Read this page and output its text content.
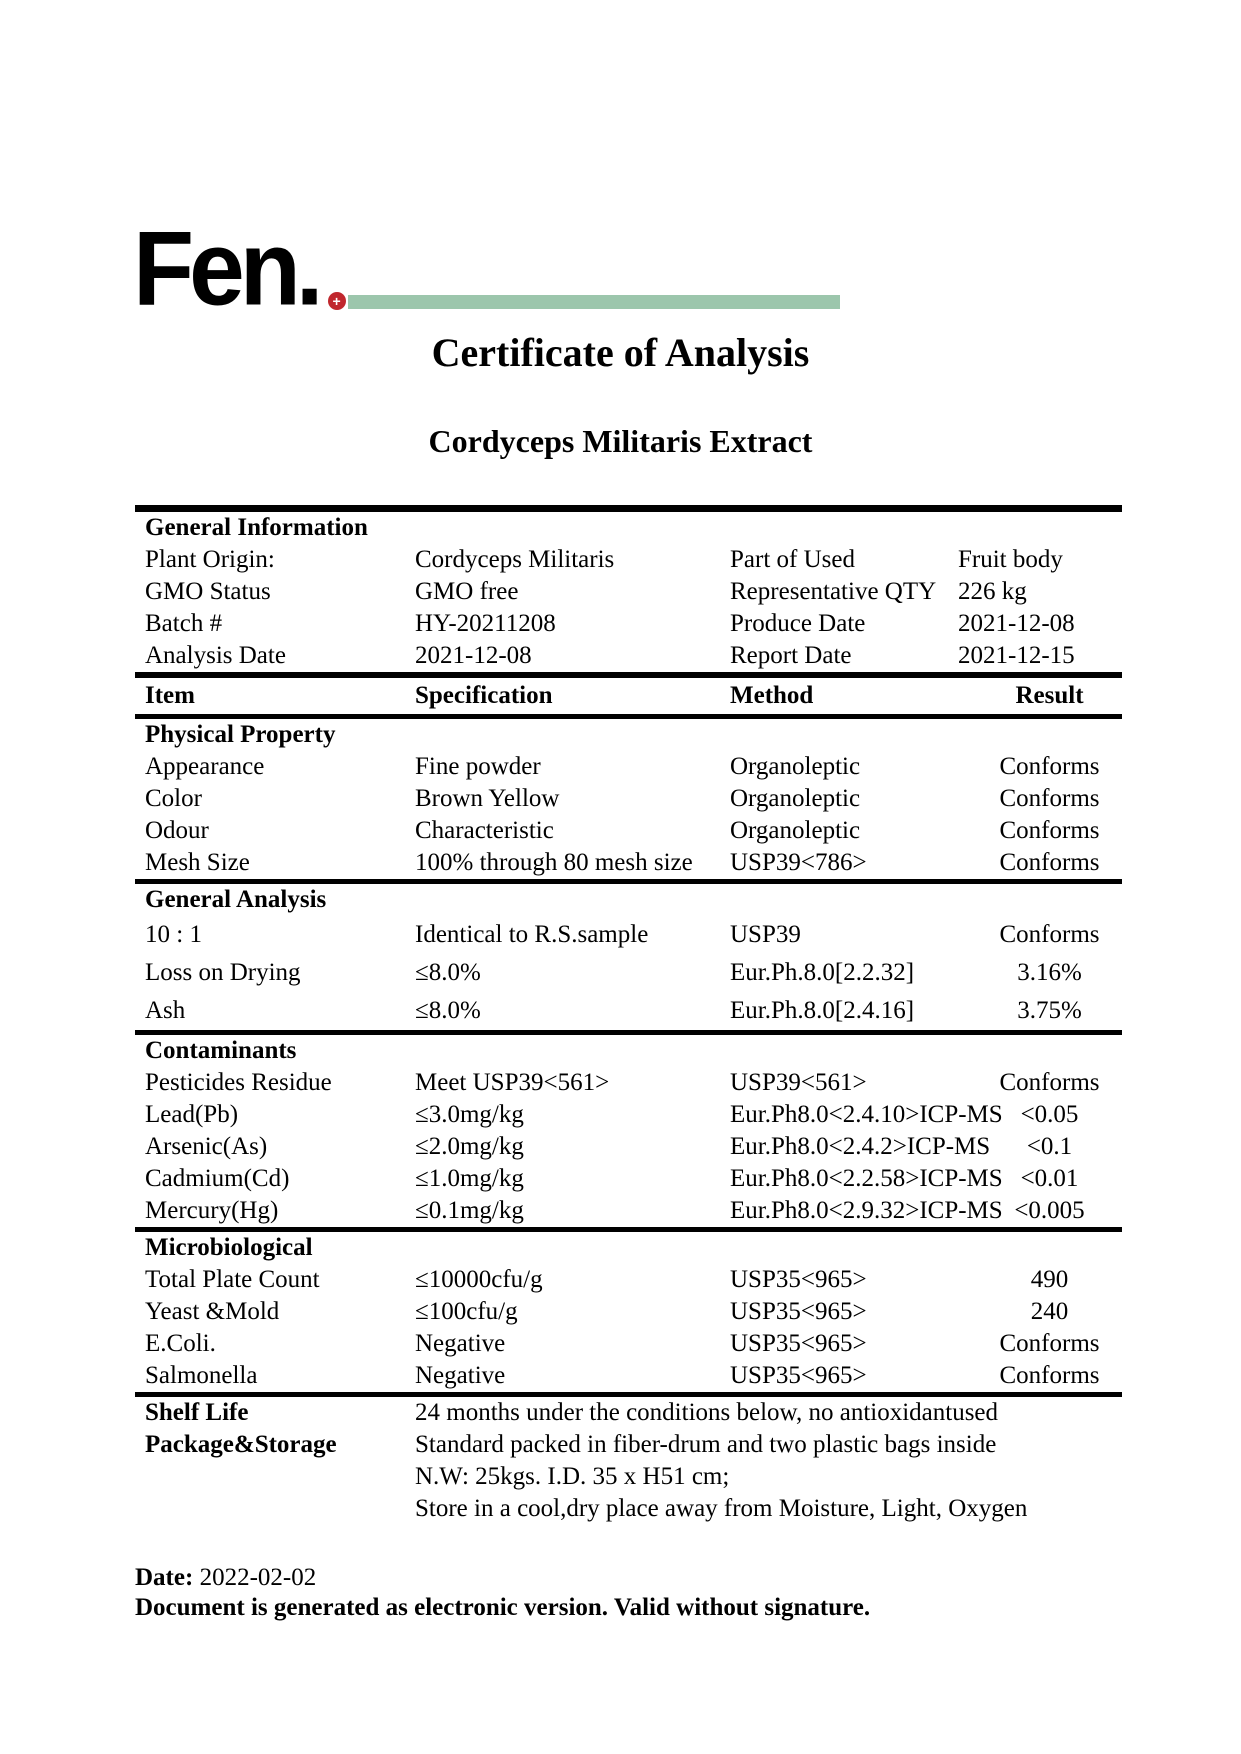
Fen. +
Certificate of Analysis
Cordyceps Militaris Extract
General Information
Plant Origin:	Cordyceps Militaris	Part of Used	Fruit body
GMO Status	GMO free	Representative QTY 226 kg
Batch #	HY-20211208	Produce Date	2021-12-08
Analysis Date	2021-12-08	Report Date	2021-12-15
Item	Specification	Method	Result
Physical Property
Appearance	Fine powder	Organoleptic	Conforms
Color	Brown Yellow	Organoleptic	Conforms
Odour	Characteristic	Organoleptic	Conforms
Mesh Size	100% through 80 mesh size	USP39<786>	Conforms
General Analysis
10 : 1	Identical to R.S.sample	USP39	Conforms
Loss on Drying	≤8.0%	Eur.Ph.8.0[2.2.32]	3.16%
Ash	≤8.0%	Eur.Ph.8.0[2.4.16]	3.75%
Contaminants
Pesticides Residue	Meet USP39<561>	USP39<561>	Conforms
Lead(Pb)	≤3.0mg/kg	Eur.Ph8.0<2.4.10>ICP-MS <0.05
Arsenic(As)	≤2.0mg/kg	Eur.Ph8.0<2.4.2>ICP-MS	<0.1
Cadmium(Cd)	≤1.0mg/kg	Eur.Ph8.0<2.2.58>ICP-MS <0.01
Mercury(Hg)	≤0.1mg/kg	Eur.Ph8.0<2.9.32>ICP-MS <0.005
Microbiological
Total Plate Count	≤10000cfu/g	USP35<965>	490
Yeast &Mold	≤100cfu/g	USP35<965>	240
E.Coli.	Negative	USP35<965>	Conforms
Salmonella	Negative	USP35<965>	Conforms
Shelf Life	24 months under the conditions below, no antioxidantused
Package&Storage	Standard packed in fiber-drum and two plastic bags inside
N.W: 25kgs. I.D. 35 x H51 cm;
Store in a cool,dry place away from Moisture, Light, Oxygen
Date: 2022-02-02
Document is generated as electronic version. Valid without signature.
